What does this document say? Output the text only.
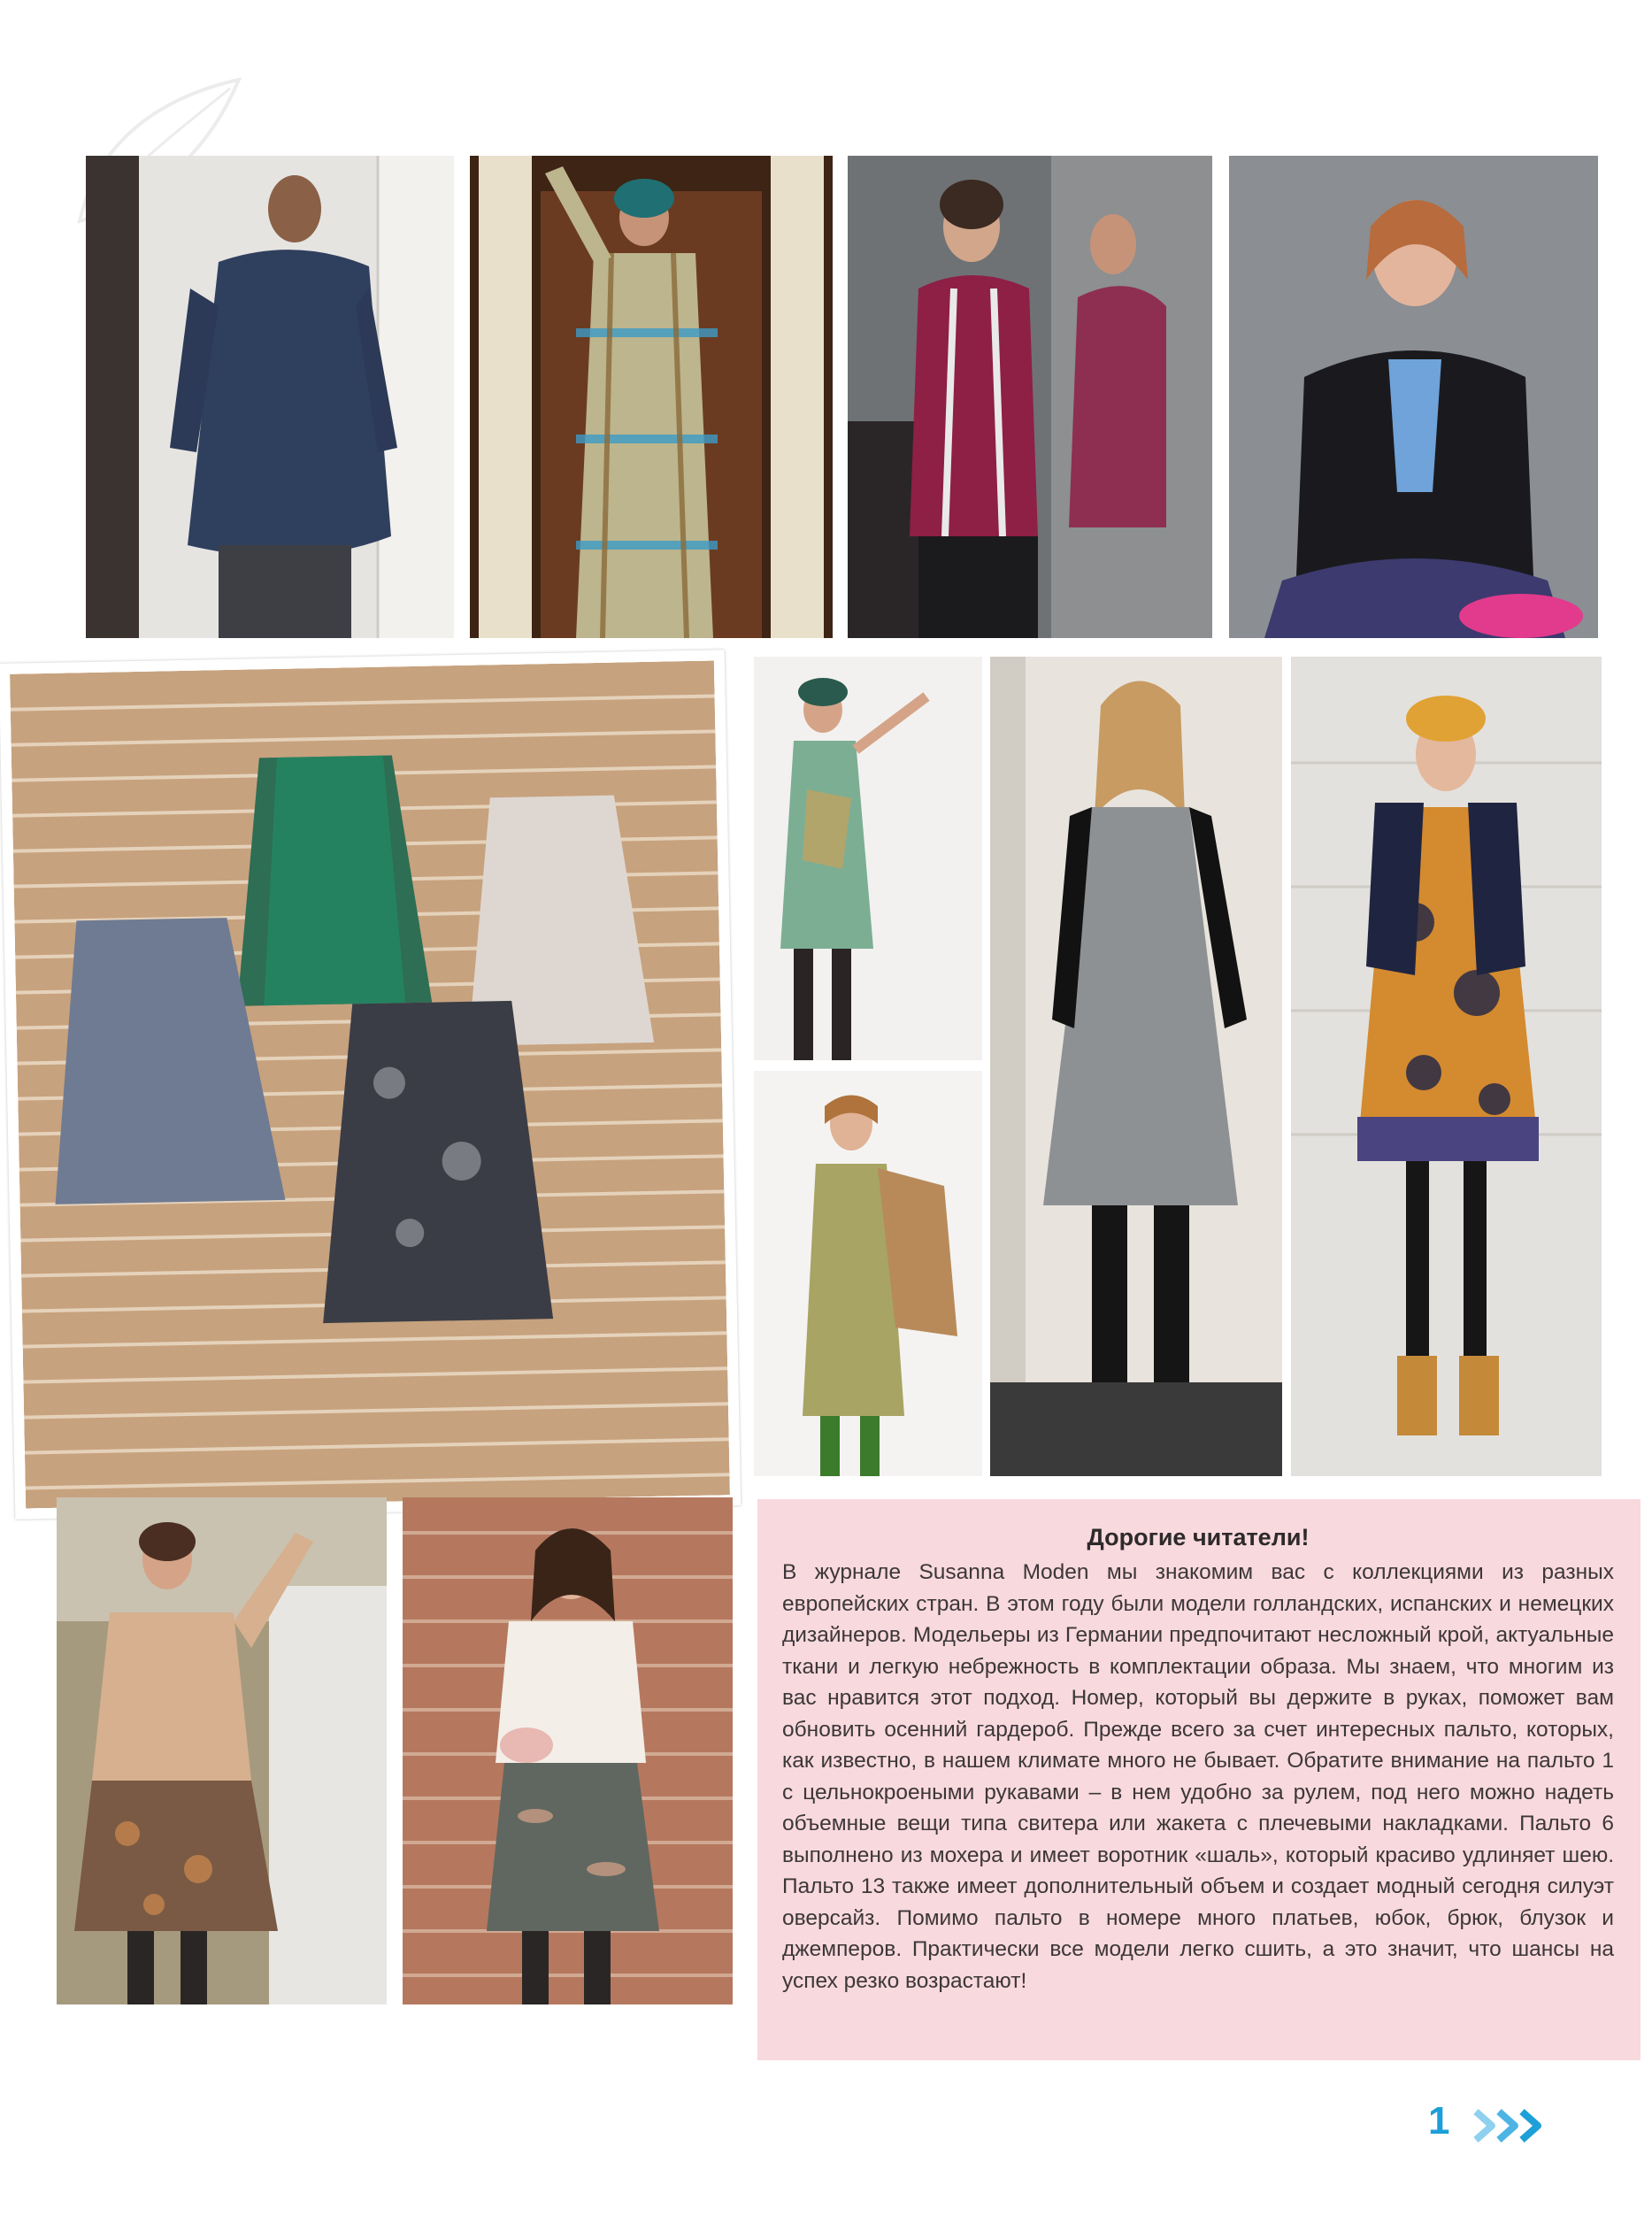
Дорогие читатели!

В журнале Susanna Moden мы знакомим вас с коллекциями из разных европейских стран. В этом году были модели голландских, испанских и немецких дизайнеров. Модельеры из Германии предпочитают несложный крой, актуальные ткани и легкую небрежность в комплектации образа. Мы знаем, что многим из вас нравится этот подход. Номер, который вы держите в руках, поможет вам обновить осенний гардероб. Прежде всего за счет интересных пальто, которых, как известно, в нашем климате много не бывает. Обратите внимание на пальто 1 с цельнокроеными рукавами – в нем удобно за рулем, под него можно надеть объемные вещи типа свитера или жакета с плечевыми накладками. Пальто 6 выполнено из мохера и имеет воротник «шаль», который красиво удлиняет шею. Пальто 13 также имеет дополнительный объем и создает модный сегодня силуэт оверсайз. Помимо пальто в номере много платьев, юбок, брюк, блузок и джемперов. Практически все модели легко сшить, а это значит, что шансы на успех резко возрастают!

1
